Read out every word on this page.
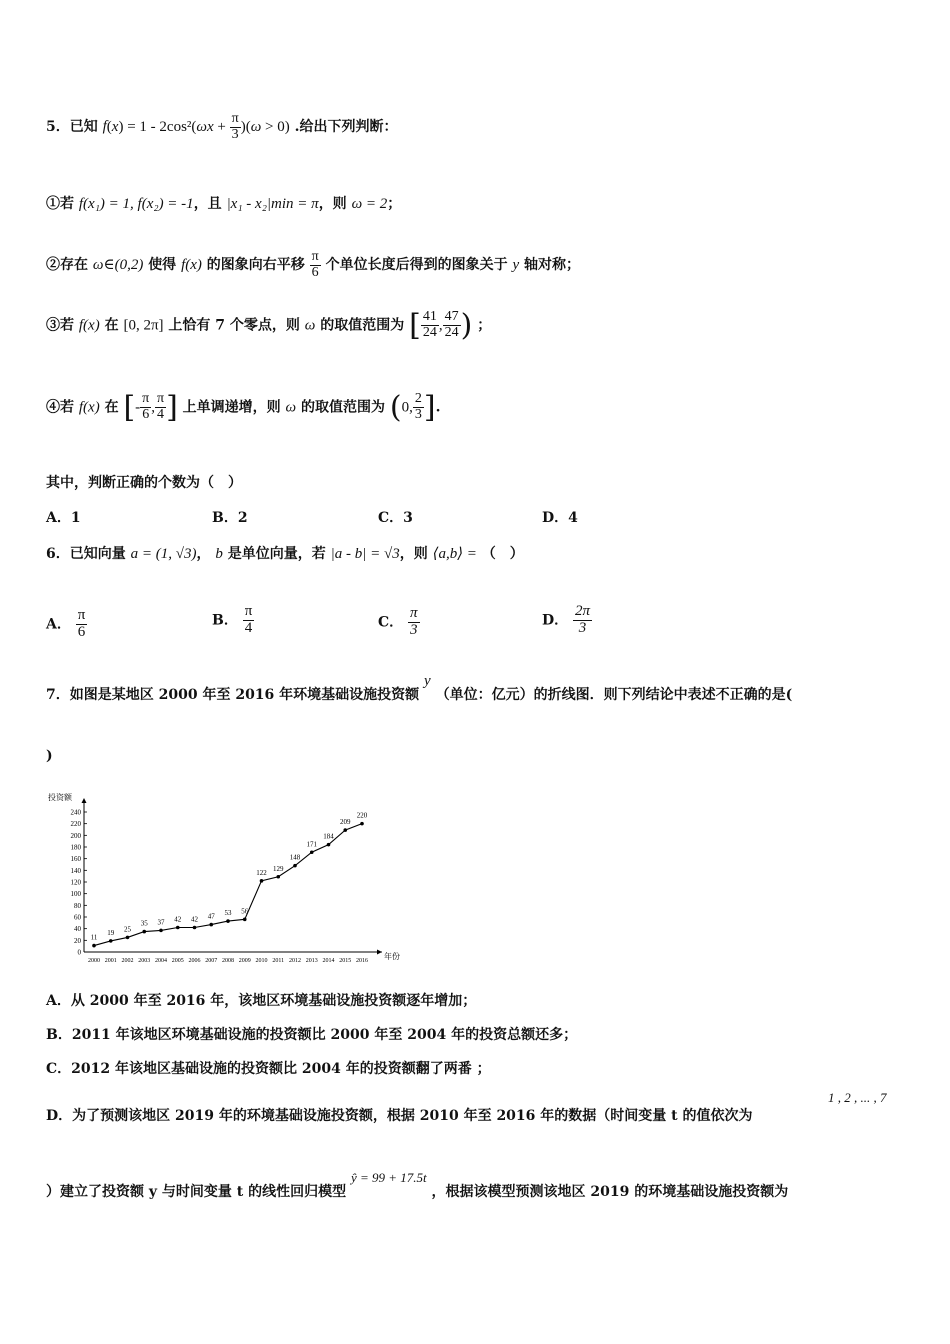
5．已知 $f(x) = 1 - 2\cos^2(\omega x + \frac{\pi}{3} )(\omega > 0)$ .给出下列判断：
①若 f(x₁) = 1, f(x₂) = -1，且 |x₁ - x₂|min = π，则 ω = 2；
②存在 ω∈(0,2) 使得 f(x) 的图象向右平移 $\frac{\pi}{6}$ 个单位长度后得到的图象关于 y 轴对称；
③若 f(x) 在 [0, 2π] 上恰有 7 个零点，则 ω 的取值范围为 [ $\frac{41}{24}$ , $\frac{47}{24}$ ) ；
④若 f(x) 在 [- $\frac{\pi}{6}$ , $\frac{\pi}{4}$ ] 上单调递增，则 ω 的取值范围为 (0, $\frac{2}{3}$ ].
其中，判断正确的个数为（　）
A．1	B．2	C．3	D．4
6．已知向量 a = (1, √3)， b 是单位向量，若 |a - b| = √3，则 ⟨a,b⟩ = （　）
A． $\frac{\pi}{6}$	B． $\frac{\pi}{4}$	C． $\frac{\pi}{3}$	D． $\frac{2\pi}{3}$
7．如图是某地区 2000 年至 2016 年环境基础设施投资额 y （单位：亿元）的折线图．则下列结论中表述不正确的是(
)
投资额
年份
0
20
40
60
80
100
120
140
160
180
200
220
240
2000 2001 2002 2003 2004 2005 2006 2007 2008 2009 2010 2011 2012 2013 2014 2015 2016
11
19 25
35 37 42 42 47 53 56
122
129
148
171
184
209
220
A．从 2000 年至 2016 年，该地区环境基础设施投资额逐年增加；
B．2011 年该地区环境基础设施的投资额比 2000 年至 2004 年的投资总额还多；
C．2012 年该地区基础设施的投资额比 2004 年的投资额翻了两番 ；
D．为了预测该地区 2019 年的环境基础设施投资额，根据 2010 年至 2016 年的数据（时间变量 t 的值依次为
1 , 2 , ... , 7
）建立了投资额 y 与时间变量 t 的线性回归模型 ŷ = 99 + 17.5t ，根据该模型预测该地区 2019 的环境基础设施投资额为
